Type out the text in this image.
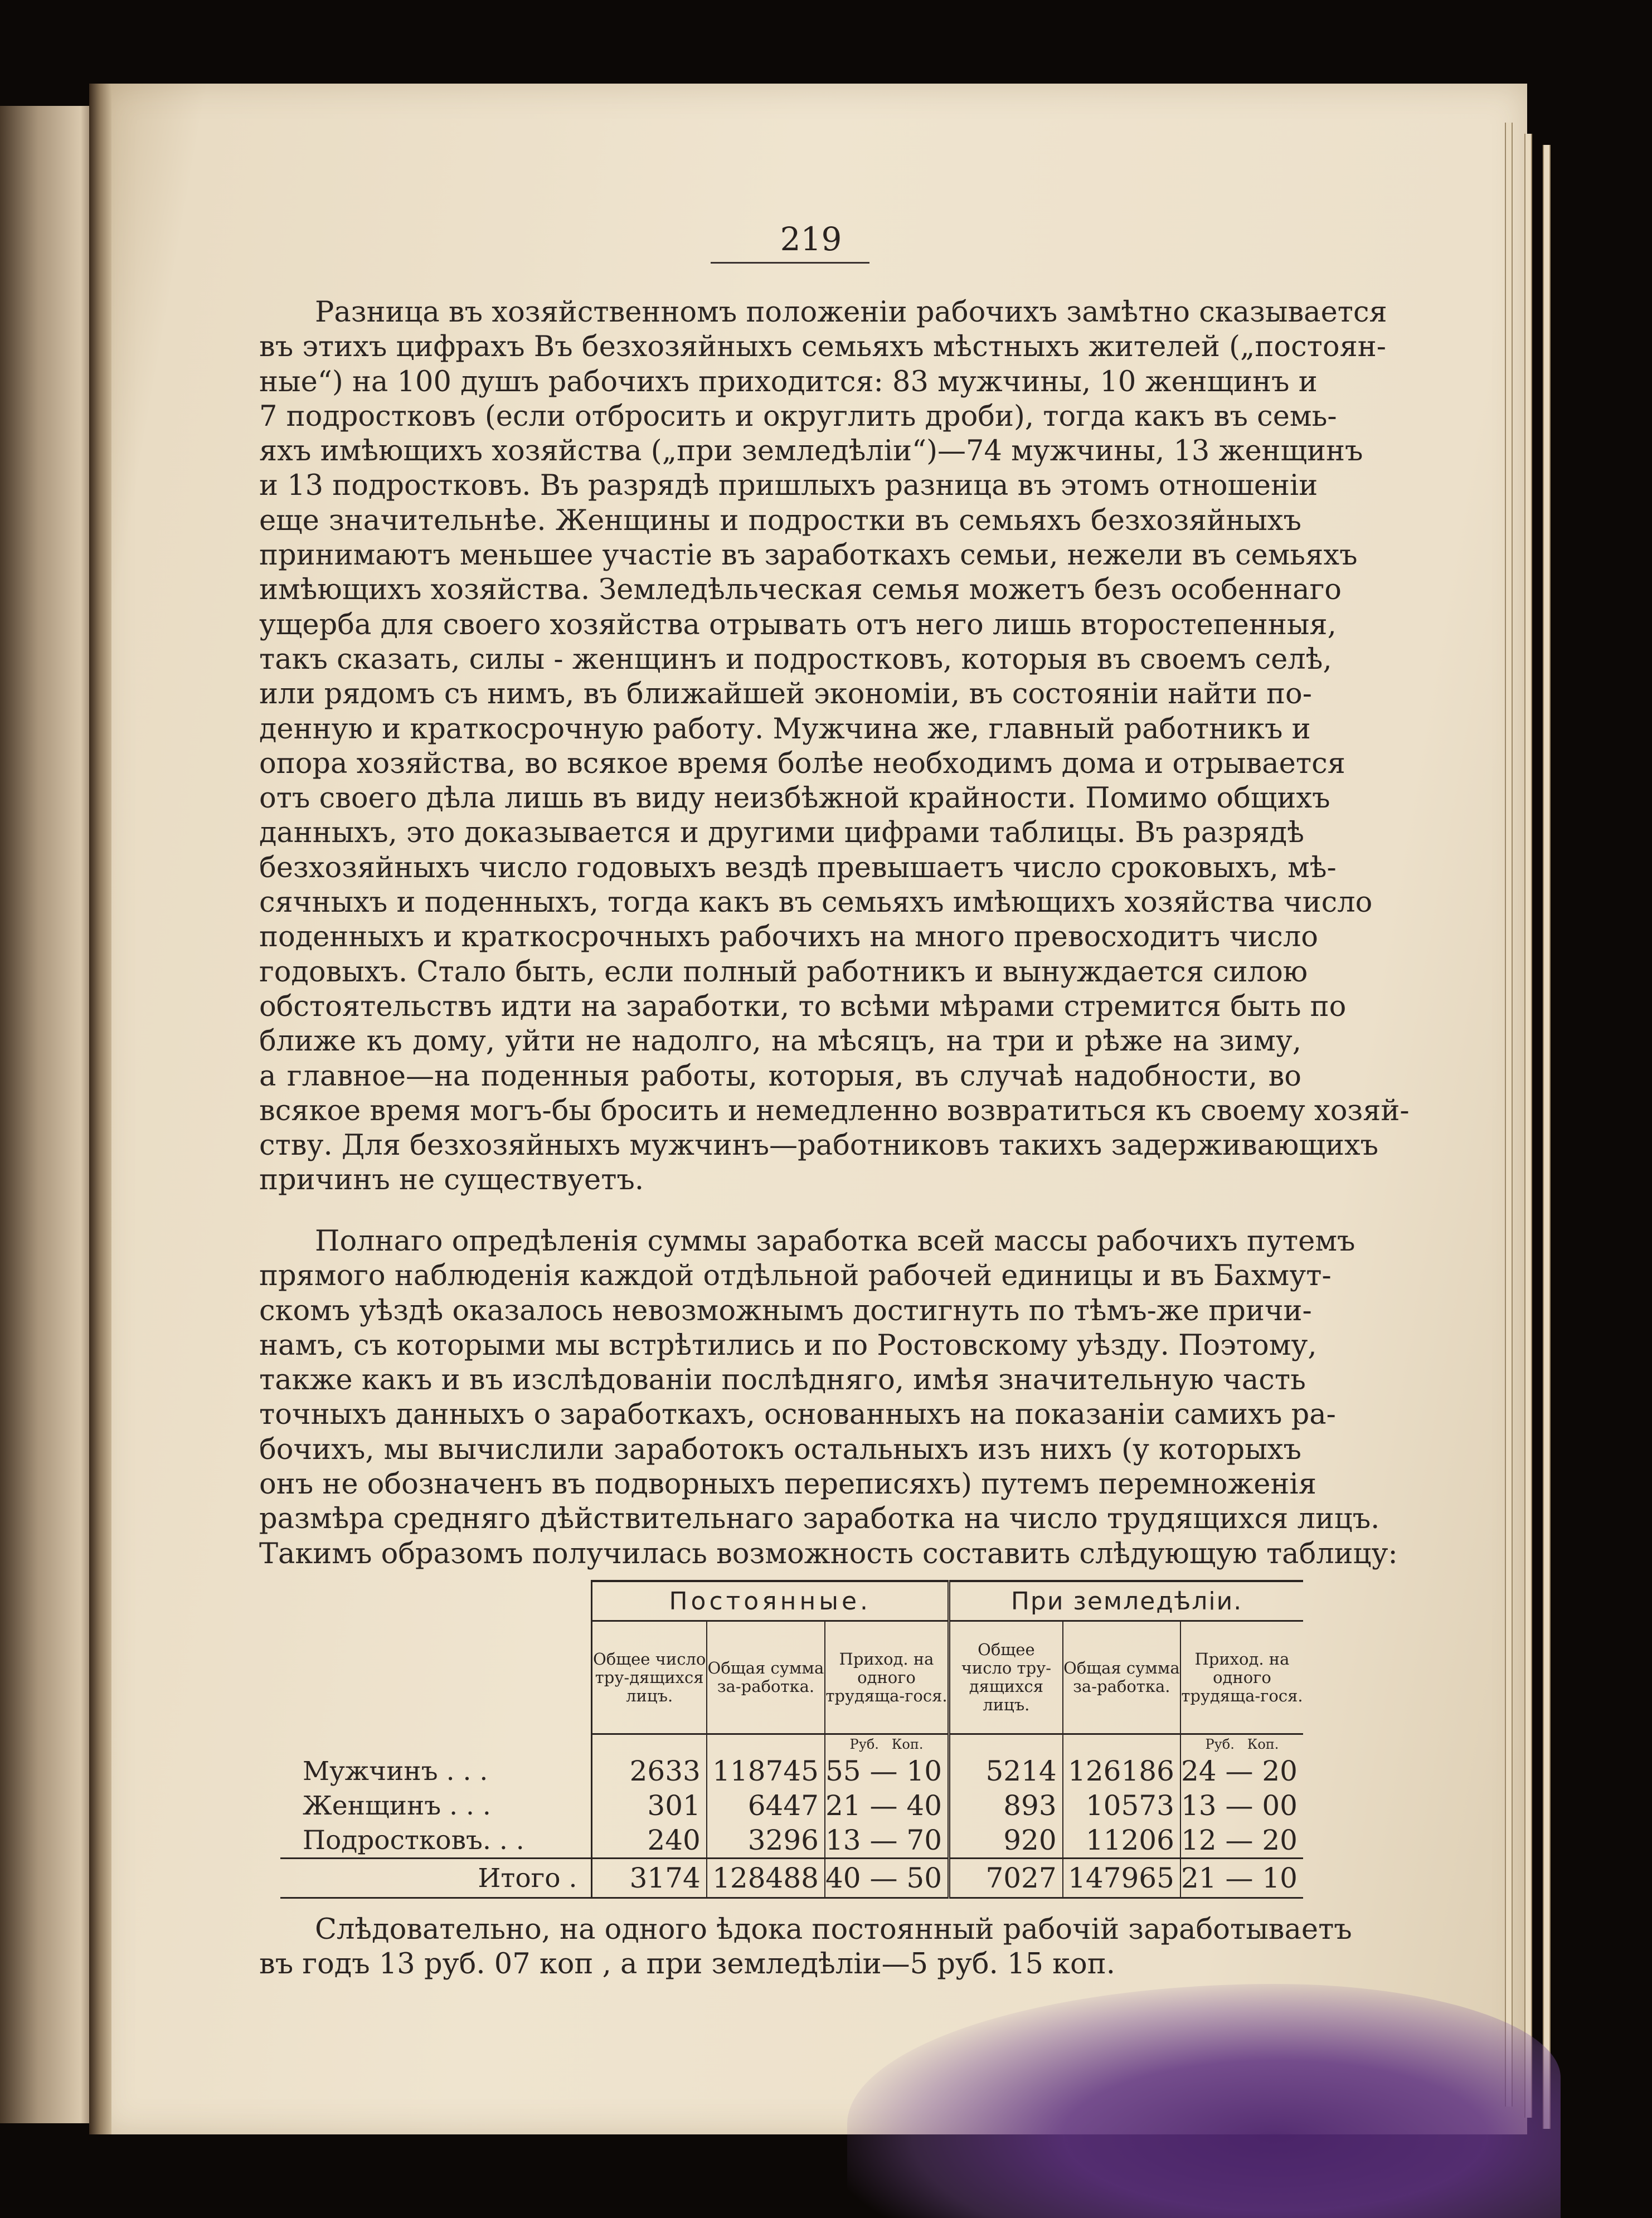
219
Разница въ хозяйственномъ положенiи рабочихъ замѣтно сказывается
въ этихъ цифрахъ Въ безхозяйныхъ семьяхъ мѣстныхъ жителей („постоян-
ные“) на 100 душъ рабочихъ приходится: 83 мужчины, 10 женщинъ и
7 подростковъ (если отбросить и округлить дроби), тогда какъ въ семь-
яхъ имѣющихъ хозяйства („при земледѣлiи“)—74 мужчины, 13 женщинъ
и 13 подростковъ. Въ разрядѣ пришлыхъ разница въ этомъ отношенiи
еще значительнѣе. Женщины и подростки въ семьяхъ безхозяйныхъ
принимаютъ меньшее участiе въ заработкахъ семьи, нежели въ семьяхъ
имѣющихъ хозяйства. Земледѣльческая семья можетъ безъ особеннаго
ущерба для своего хозяйства отрывать отъ него лишь второстепенныя,
такъ сказать, силы - женщинъ и подростковъ, которыя въ своемъ селѣ,
или рядомъ съ нимъ, въ ближайшей экономiи, въ состоянiи найти по-
денную и краткосрочную работу. Мужчина же, главный работникъ и
опора хозяйства, во всякое время болѣе необходимъ дома и отрывается
отъ своего дѣла лишь въ виду неизбѣжной крайности. Помимо общихъ
данныхъ, это доказывается и другими цифрами таблицы. Въ разрядѣ
безхозяйныхъ число годовыхъ вездѣ превышаетъ число сроковыхъ, мѣ-
сячныхъ и поденныхъ, тогда какъ въ семьяхъ имѣющихъ хозяйства число
поденныхъ и краткосрочныхъ рабочихъ на много превосходитъ число
годовыхъ. Стало быть, если полный работникъ и вынуждается силою
обстоятельствъ идти на заработки, то всѣми мѣрами стремится быть по
ближе къ дому, уйти не надолго, на мѣсяцъ, на три и рѣже на зиму,
а главное—на поденныя работы, которыя, въ случаѣ надобности, во
всякое время могъ-бы бросить и немедленно возвратиться къ своему хозяй-
ству. Для безхозяйныхъ мужчинъ—работниковъ такихъ задерживающихъ
причинъ не существуетъ.
Полнаго опредѣленiя суммы заработка всей массы рабочихъ путемъ
прямого наблюденiя каждой отдѣльной рабочей единицы и въ Бахмут-
скомъ уѣздѣ оказалось невозможнымъ достигнуть по тѣмъ-же причи-
намъ, съ которыми мы встрѣтились и по Ростовскому уѣзду. Поэтому,
также какъ и въ изслѣдованiи послѣдняго, имѣя значительную часть
точныхъ данныхъ о заработкахъ, основанныхъ на показанiи самихъ ра-
бочихъ, мы вычислили заработокъ остальныхъ изъ нихъ (у которыхъ
онъ не обозначенъ въ подворныхъ переписяхъ) путемъ перемноженiя
размѣра средняго дѣйствительнаго заработка на число трудящихся лицъ.
Такимъ образомъ получилась возможность составить слѣдующую таблицу:
	Постоянные.			При земледѣлiи.		
	Общее число тру-дящихся лицъ.	Общая сумма за-работка.	Приход. на одного трудяща-гося.	Общее число тру-дящихся лицъ.	Общая сумма за-работка.	Приход. на одного трудяща-гося.
			Руб. Коп.			Руб. Коп.
Мужчинъ . . .	2633	118745	55 — 10	5214	126186	24 — 20
Женщинъ . . .	301	6447	21 — 40	893	10573	13 — 00
Подростковъ. . .	240	3296	13 — 70	920	11206	12 — 20
Итого .	3174	128488	40 — 50	7027	147965	21 — 10
Слѣдовательно, на одного ѣдока постоянный рабочiй заработываетъ
въ годъ 13 руб. 07 коп , а при земледѣлiи—5 руб. 15 коп.
